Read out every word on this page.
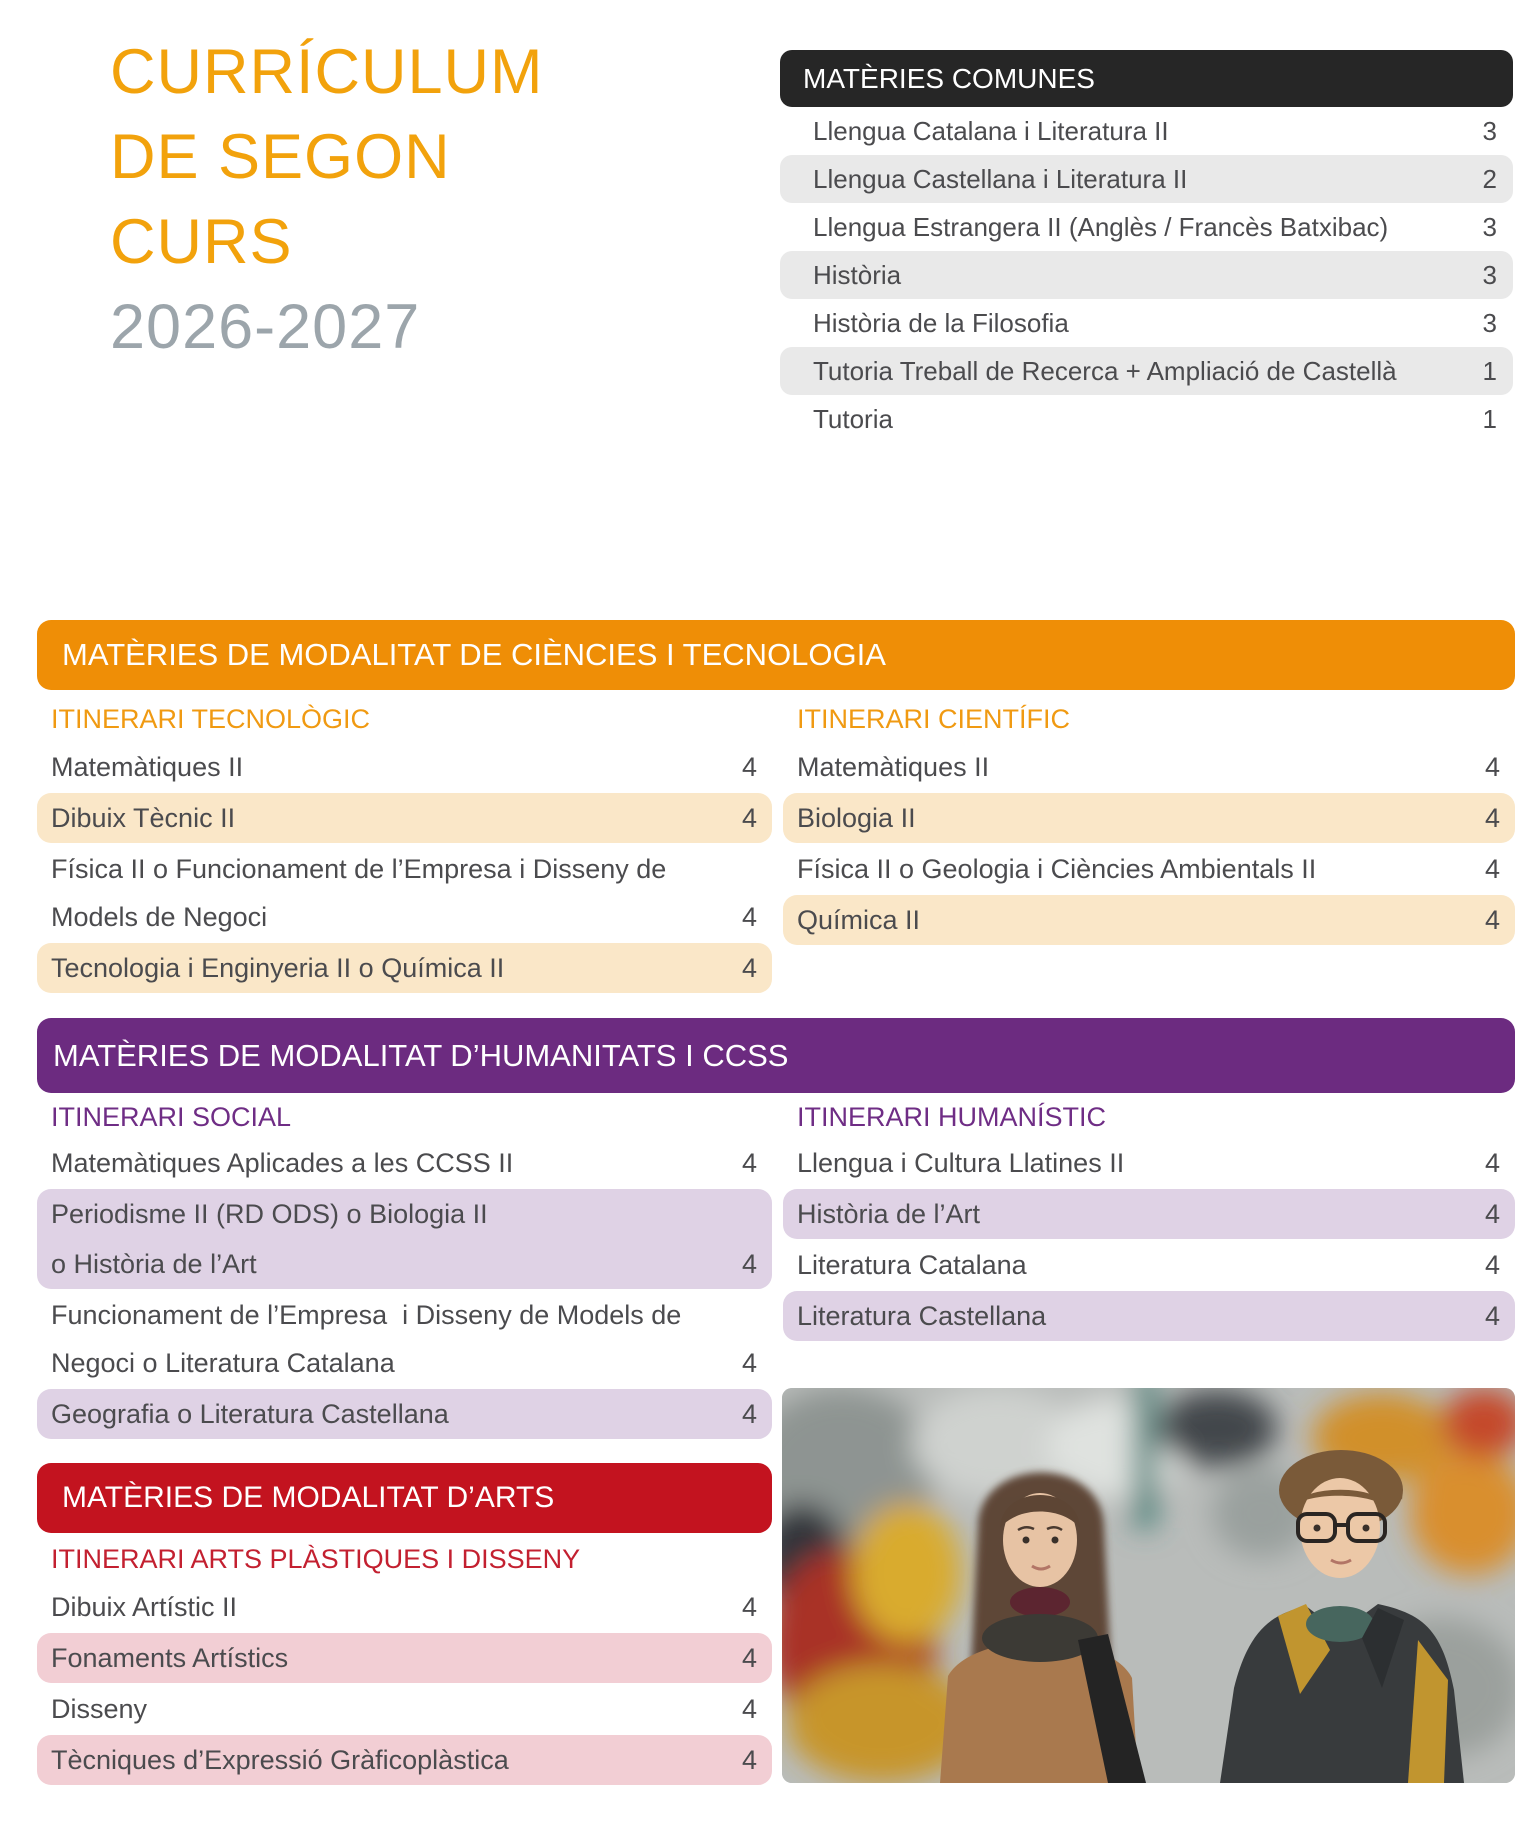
CURRÍCULUM
DE SEGON
CURS
2026-2027
MATÈRIES COMUNES
Llengua Catalana i Literatura II	3
Llengua Castellana i Literatura II	2
Llengua Estrangera II (Anglès / Francès Batxibac)	3
Història	3
Història de la Filosofia	3
Tutoria Treball de Recerca + Ampliació de Castellà	1
Tutoria	1
MATÈRIES DE MODALITAT DE CIÈNCIES I TECNOLOGIA
ITINERARI TECNOLÒGIC
Matemàtiques II	4
Dibuix Tècnic II	4
Física II o Funcionament de l’Empresa i Disseny de
Models de Negoci	4
Tecnologia i Enginyeria II o Química II	4
ITINERARI CIENTÍFIC
Matemàtiques II	4
Biologia II	4
Física II o Geologia i Ciències Ambientals II	4
Química II	4
MATÈRIES DE MODALITAT D’HUMANITATS I CCSS
ITINERARI SOCIAL
Matemàtiques Aplicades a les CCSS II	4
Periodisme II (RD ODS) o Biologia II
o Història de l’Art	4
Funcionament de l’Empresa  i Disseny de Models de
Negoci o Literatura Catalana	4
Geografia o Literatura Castellana	4
ITINERARI HUMANÍSTIC
Llengua i Cultura Llatines II	4
Història de l’Art	4
Literatura Catalana	4
Literatura Castellana	4
MATÈRIES DE MODALITAT D’ARTS
ITINERARI ARTS PLÀSTIQUES I DISSENY
Dibuix Artístic II	4
Fonaments Artístics	4
Disseny	4
Tècniques d’Expressió Gràficoplàstica	4
